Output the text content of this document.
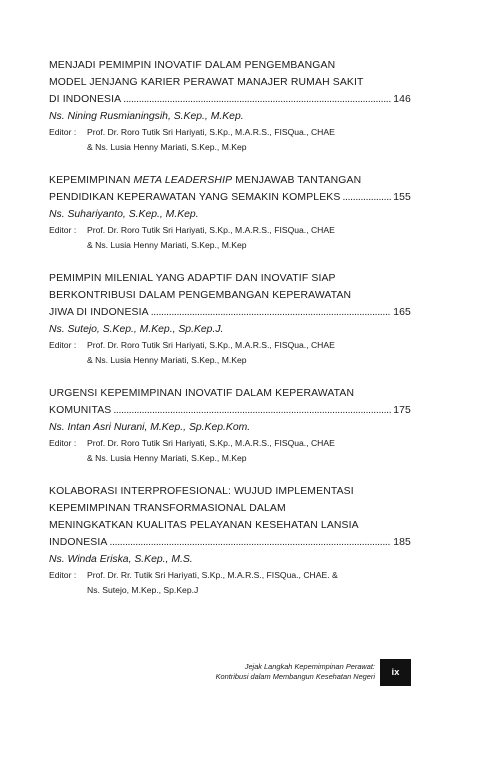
MENJADI PEMIMPIN INOVATIF DALAM PENGEMBANGAN
MODEL JENJANG KARIER PERAWAT MANAJER RUMAH SAKIT
DI INDONESIA . . .	146
Ns. Nining Rusmianingsih, S.Kep., M.Kep.
Editor :	Prof. Dr. Roro Tutik Sri Hariyati, S.Kp., M.A.R.S., FISQua., CHAE
& Ns. Lusia Henny Mariati, S.Kep., M.Kep
KEPEMIMPINAN META LEADERSHIP MENJAWAB TANTANGAN
PENDIDIKAN KEPERAWATAN YANG SEMAKIN KOMPLEKS . . .	155
Ns. Suhariyanto, S.Kep., M.Kep.
Editor :	Prof. Dr. Roro Tutik Sri Hariyati, S.Kp., M.A.R.S., FISQua., CHAE
& Ns. Lusia Henny Mariati, S.Kep., M.Kep
PEMIMPIN MILENIAL YANG ADAPTIF DAN INOVATIF SIAP
BERKONTRIBUSI DALAM PENGEMBANGAN KEPERAWATAN
JIWA DI INDONESIA . . .	165
Ns. Sutejo, S.Kep., M.Kep., Sp.Kep.J.
Editor :	Prof. Dr. Roro Tutik Sri Hariyati, S.Kp., M.A.R.S., FISQua., CHAE
& Ns. Lusia Henny Mariati, S.Kep., M.Kep
URGENSI KEPEMIMPINAN INOVATIF DALAM KEPERAWATAN
KOMUNITAS . . .	175
Ns. Intan Asri Nurani, M.Kep., Sp.Kep.Kom.
Editor :	Prof. Dr. Roro Tutik Sri Hariyati, S.Kp., M.A.R.S., FISQua., CHAE
& Ns. Lusia Henny Mariati, S.Kep., M.Kep
KOLABORASI INTERPROFESIONAL: WUJUD IMPLEMENTASI
KEPEMIMPINAN TRANSFORMASIONAL DALAM
MENINGKATKAN KUALITAS PELAYANAN KESEHATAN LANSIA
INDONESIA . . .	185
Ns. Winda Eriska, S.Kep., M.S.
Editor :	Prof. Dr. Rr. Tutik Sri Hariyati, S.Kp., M.A.R.S., FISQua., CHAE. &
Ns. Sutejo, M.Kep., Sp.Kep.J
Jejak Langkah Kepemimpinan Perawat:
Kontribusi dalam Membangun Kesehatan Negeri	ix
